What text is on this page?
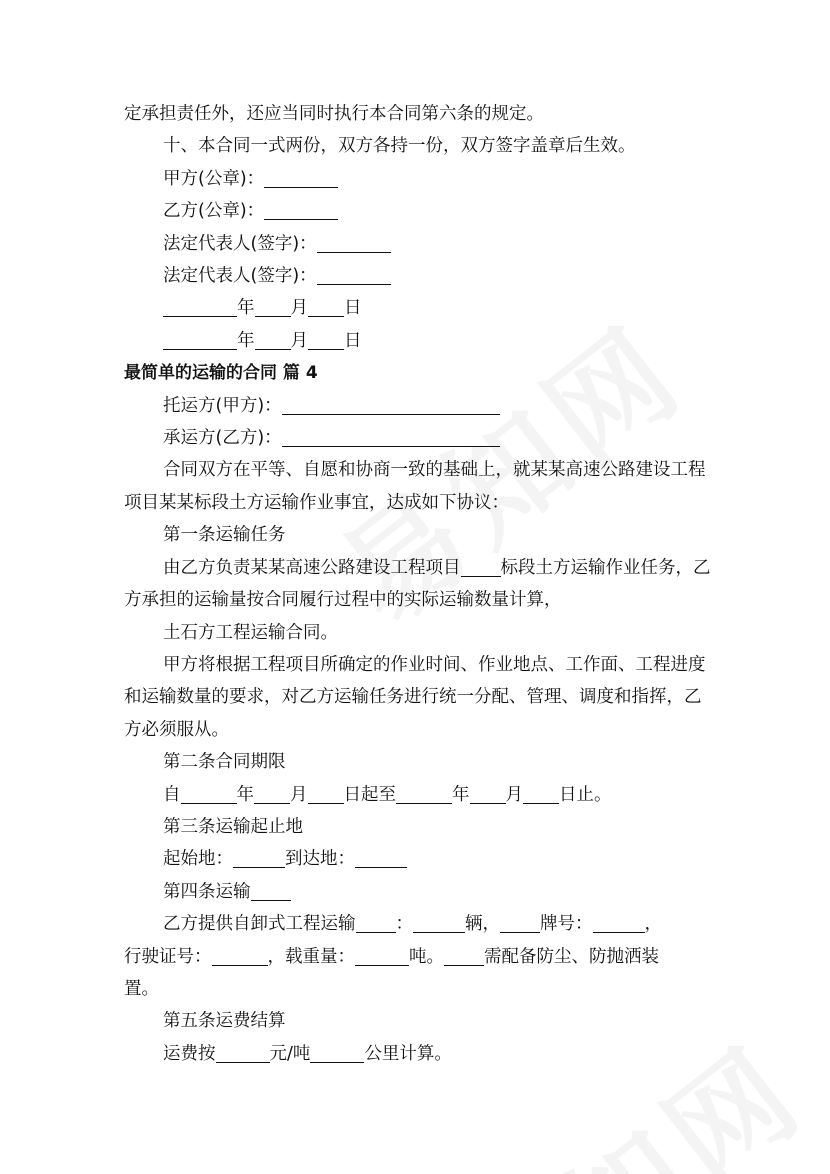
定承担责任外，还应当同时执行本合同第六条的规定。

十、本合同一式两份，双方各持一份，双方签字盖章后生效。

甲方(公章)：

乙方(公章)：

法定代表人(签字)：

法定代表人(签字)：

年 月 日

年 月 日

最简单的运输的合同 篇 4

托运方(甲方)：

承运方(乙方)：

合同双方在平等、自愿和协商一致的基础上，就某某高速公路建设工程项目某某标段土方运输作业事宜，达成如下协议：

第一条运输任务

由乙方负责某某高速公路建设工程项目 标段土方运输作业任务，乙方承担的运输量按合同履行过程中的实际运输数量计算，

土石方工程运输合同。

甲方将根据工程项目所确定的作业时间、作业地点、工作面、工程进度和运输数量的要求，对乙方运输任务进行统一分配、管理、调度和指挥，乙方必须服从。

第二条合同期限

自	年 月 日起至	年 月 日止。

第三条运输起止地

起始地：	到达地：

第四条运输

乙方提供自卸式工程运输 ：	辆， 牌号：	，

行驶证号：	，载重量：	吨。 需配备防尘、防抛洒装

置。

第五条运费结算

运费按	元/吨	公里计算。
